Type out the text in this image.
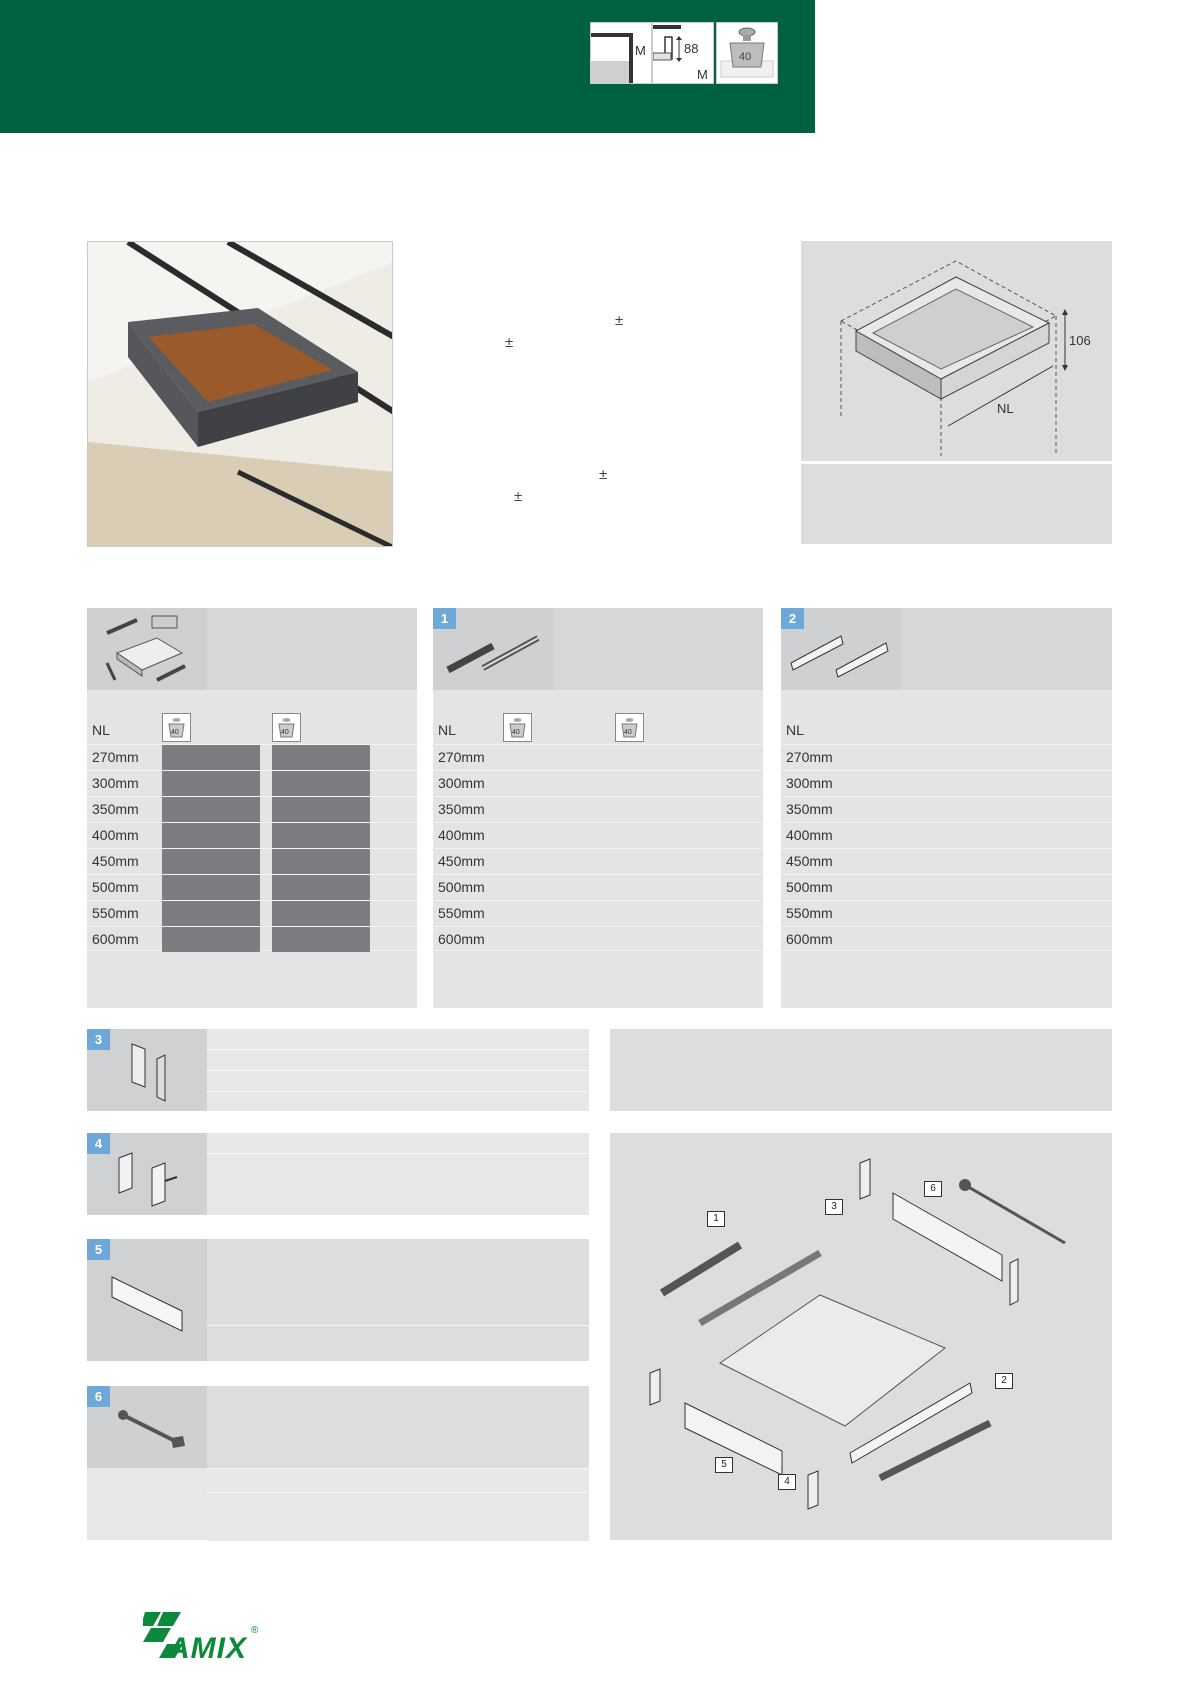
M	88
M
40
±
±
±
±
106
NL
NL	40	40
270mm
300mm
350mm
400mm
450mm
500mm
550mm
600mm
1
NL	40	40
270mm
300mm
350mm
400mm
450mm
500mm
550mm
600mm
2
NL
270mm
300mm
350mm
400mm
450mm
500mm
550mm
600mm
3
4
5
6
1
2
3
4
5
6
AMIX
®
